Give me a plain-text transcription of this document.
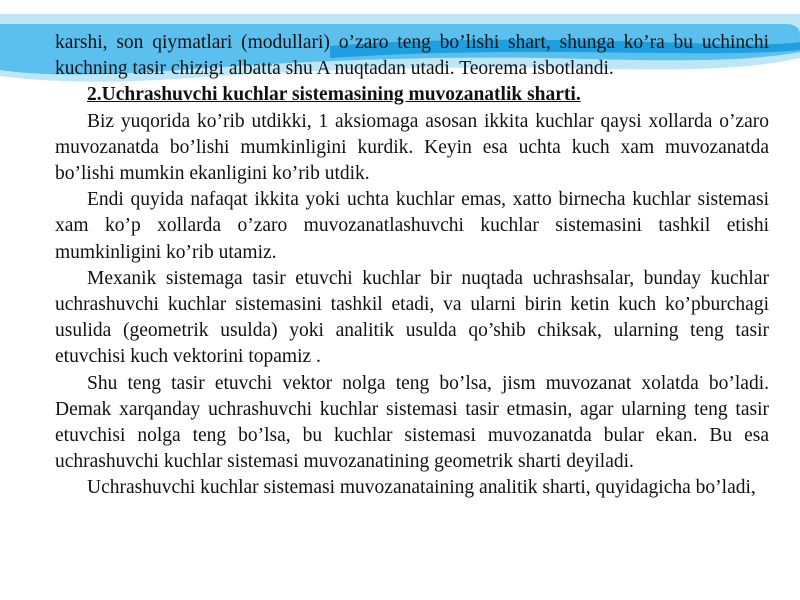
karshi, son qiymatlari (modullari) o’zaro teng bo’lishi shart, shunga ko’ra bu uchinchi kuchning tasir chizigi albatta shu A nuqtadan utadi. Teorema isbotlandi.

2.Uchrashuvchi kuchlar sistemasining muvozanatlik sharti.

Biz yuqorida ko’rib utdikki, 1 aksiomaga asosan ikkita kuchlar qaysi xollarda o’zaro muvozanatda bo’lishi mumkinligini kurdik. Keyin esa uchta kuch xam muvozanatda bo’lishi mumkin ekanligini ko’rib utdik.

Endi quyida nafaqat ikkita yoki uchta kuchlar emas, xatto birnecha kuchlar sistemasi xam ko’p xollarda o’zaro muvozanatlashuvchi kuchlar sistemasini tashkil etishi mumkinligini ko’rib utamiz.

Mexanik sistemaga tasir etuvchi kuchlar bir nuqtada uchrashsalar, bunday kuchlar uchrashuvchi kuchlar sistemasini tashkil etadi, va ularni birin ketin kuch ko’pburchagi usulida (geometrik usulda) yoki analitik usulda qo’shib chiksak, ularning teng tasir etuvchisi kuch vektorini topamiz .

Shu teng tasir etuvchi vektor nolga teng bo’lsa, jism muvozanat xolatda bo’ladi. Demak xarqanday uchrashuvchi kuchlar sistemasi tasir etmasin, agar ularning teng tasir etuvchisi nolga teng bo’lsa, bu kuchlar sistemasi muvozanatda bular ekan. Bu esa uchrashuvchi kuchlar sistemasi muvozanatining geometrik sharti deyiladi.

Uchrashuvchi kuchlar sistemasi muvozanataining analitik sharti, quyidagicha bo’ladi,
